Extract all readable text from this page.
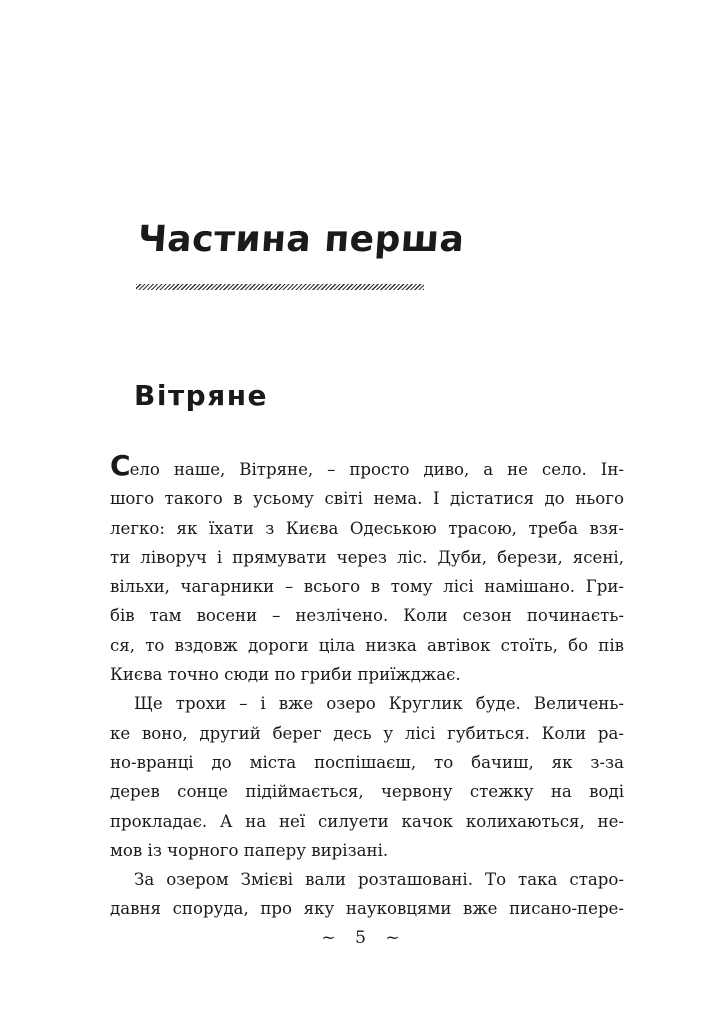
Частина перша
Вітряне
Село наше, Вітряне, – просто диво, а не село. Ін-
шого такого в усьому світі нема. І дістатися до нього
легко: як їхати з Києва Одеською трасою, треба взя-
ти ліворуч і прямувати через ліс. Дуби, берези, ясені,
вільхи, чагарники – всього в тому лісі намішано. Гри-
бів там восени – незлічено. Коли сезон починаєть-
ся, то вздовж дороги ціла низка автівок стоїть, бо пів
Києва точно сюди по гриби приїжджає.
Ще трохи – і вже озеро Круглик буде. Величень-
ке воно, другий берег десь у лісі губиться. Коли ра-
но-вранці до міста поспішаєш, то бачиш, як з-за
дерев сонце підіймається, червону стежку на воді
прокладає. А на неї силуети качок колихаються, не-
мов із чорного паперу вирізані.
За озером Змієві вали розташовані. То така старо-
давня споруда, про яку науковцями вже писано-пере-
~ 5 ~
